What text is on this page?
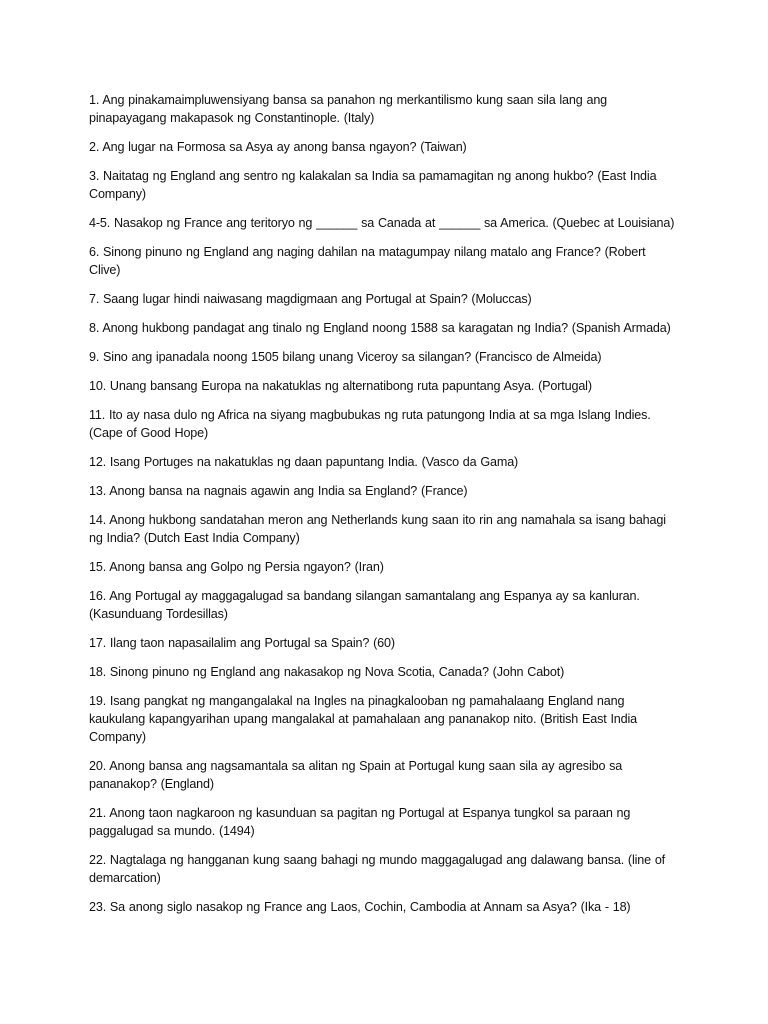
1. Ang pinakamaimpluwensiyang bansa sa panahon ng merkantilismo kung saan sila lang ang pinapayagang makapasok ng Constantinople. (Italy)

2. Ang lugar na Formosa sa Asya ay anong bansa ngayon? (Taiwan)

3. Naitatag ng England ang sentro ng kalakalan sa India sa pamamagitan ng anong hukbo? (East India Company)

4-5. Nasakop ng France ang teritoryo ng ______ sa Canada at ______ sa America. (Quebec at Louisiana)

6. Sinong pinuno ng England ang naging dahilan na matagumpay nilang matalo ang France? (Robert Clive)

7. Saang lugar hindi naiwasang magdigmaan ang Portugal at Spain? (Moluccas)

8. Anong hukbong pandagat ang tinalo ng England noong 1588 sa karagatan ng India? (Spanish Armada)

9. Sino ang ipanadala noong 1505 bilang unang Viceroy sa silangan? (Francisco de Almeida)

10. Unang bansang Europa na nakatuklas ng alternatibong ruta papuntang Asya. (Portugal)

11. Ito ay nasa dulo ng Africa na siyang magbubukas ng ruta patungong India at sa mga Islang Indies. (Cape of Good Hope)

12. Isang Portuges na nakatuklas ng daan papuntang India. (Vasco da Gama)

13. Anong bansa na nagnais agawin ang India sa England? (France)

14. Anong hukbong sandatahan meron ang Netherlands kung saan ito rin ang namahala sa isang bahagi ng India? (Dutch East India Company)

15. Anong bansa ang Golpo ng Persia ngayon? (Iran)

16. Ang Portugal ay maggagalugad sa bandang silangan samantalang ang Espanya ay sa kanluran. (Kasunduang Tordesillas)

17. Ilang taon napasailalim ang Portugal sa Spain? (60)

18. Sinong pinuno ng England ang nakasakop ng Nova Scotia, Canada? (John Cabot)

19. Isang pangkat ng mangangalakal na Ingles na pinagkalooban ng pamahalaang England nang kaukulang kapangyarihan upang mangalakal at pamahalaan ang pananakop nito. (British East India Company)

20. Anong bansa ang nagsamantala sa alitan ng Spain at Portugal kung saan sila ay agresibo sa pananakop? (England)

21. Anong taon nagkaroon ng kasunduan sa pagitan ng Portugal at Espanya tungkol sa paraan ng paggalugad sa mundo. (1494)

22. Nagtalaga ng hangganan kung saang bahagi ng mundo maggagalugad ang dalawang bansa. (line of demarcation)

23. Sa anong siglo nasakop ng France ang Laos, Cochin, Cambodia at Annam sa Asya? (Ika - 18)
